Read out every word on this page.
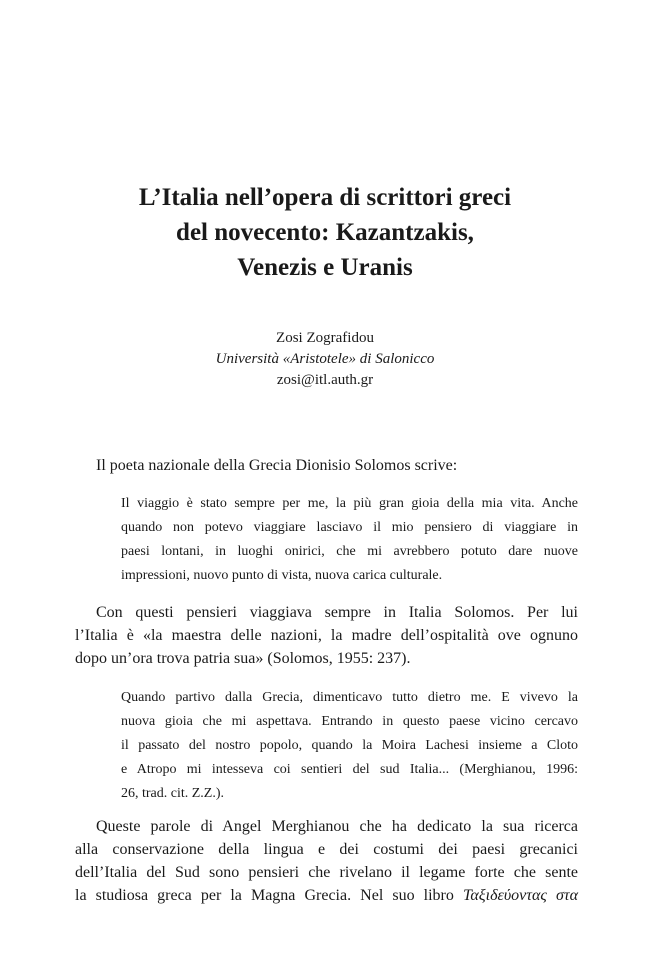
L’Italia nell’opera di scrittori greci
del novecento: Kazantzakis,
Venezis e Uranis
Zosi Zografidou
Università «Aristotele» di Salonicco
zosi@itl.auth.gr
Il poeta nazionale della Grecia Dionisio Solomos scrive:
Il viaggio è stato sempre per me, la più gran gioia della mia vita. Anche
quando non potevo viaggiare lasciavo il mio pensiero di viaggiare in
paesi lontani, in luoghi onirici, che mi avrebbero potuto dare nuove
impressioni, nuovo punto di vista, nuova carica culturale.
Con questi pensieri viaggiava sempre in Italia Solomos. Per lui
l’Italia è «la maestra delle nazioni, la madre dell’ospitalità ove ognuno
dopo un’ora trova patria sua» (Solomos, 1955: 237).
Quando partivo dalla Grecia, dimenticavo tutto dietro me. E vivevo la
nuova gioia che mi aspettava. Entrando in questo paese vicino cercavo
il passato del nostro popolo, quando la Moira Lachesi insieme a Cloto
e Atropo mi intesseva coi sentieri del sud Italia... (Merghianou, 1996:
26, trad. cit. Z.Z.).
Queste parole di Angel Merghianou che ha dedicato la sua ricerca
alla conservazione della lingua e dei costumi dei paesi grecanici
dell’Italia del Sud sono pensieri che rivelano il legame forte che sente
la studiosa greca per la Magna Grecia. Nel suo libro Ταξιδεύοντας στα
